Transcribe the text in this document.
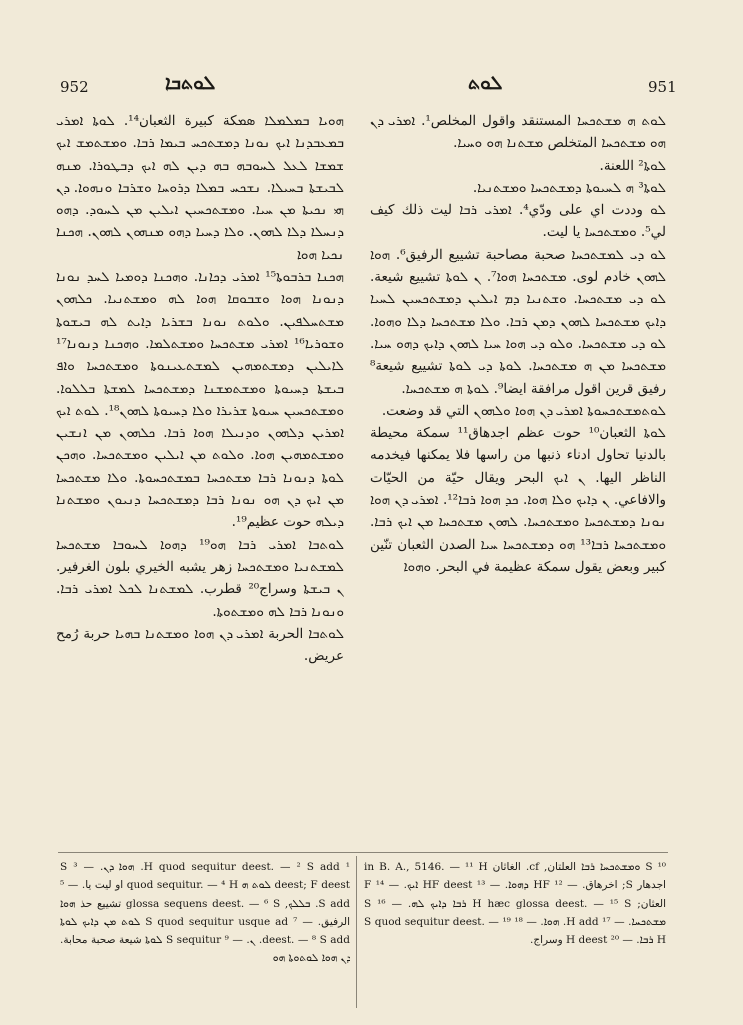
952	ܠܘܬܒܐ	ܠܘܬ	951

ܗܘܝܐ ܒܡܠܡܠܐ ܣܡكة كبيرة الثعبان¹⁴. ܠܘܬܐ ܐܡܪܝ ܒܡܥܒܕܢܐ ܐܝܟ ܢܘܢܐ ܕܡܫܬܟܚ ܒܝܡܐ ܪܒܐ. ܘܡܫܬܡܫ ܐܝܟ ܫܡܫܐ ܠܥܠ ܠܚܘܒܗ ܒܗ ܕܝܢ ܠܗ ܐܝܟ ܕܒܛܘܪܐ. ܡܢܗ ܠܒܝܫܬܐ ܒܚܝܠܐ. ܢܫܟܚ ܒܡܠܐ ܕܪܘܚܐ ܘܫܪܒܐ ܘܢܗܘܐ. ܕܢ ܗܝ ܢܟܝܬܐ ܡܢ ܚܝܐ. ܘܡܫܬܟܚܝܢ ܐܝܠܝܢ ܡܢ ܠܚܘܕ. ܕܗܘ ܕܢܚܠܐ ܕܠܐ ܠܗܘܢ. ܘܠܐ ܕܚܝܐ ܕܗܘ ܡܢܗܘܢ ܠܗܘܢ. ܗܟܢܐ ܢܟܝܐ ܗܘܐ

ܗܟܢܐ ܒܪܒܘܬܐ¹⁵ ܐܡܪܝ ܕܟܐܢܐ. ܘܗܟܢܐ ܕܘܡܝܐ ܠܚܕ ܢܘܢܐ ܕܢܘܢܐ ܗܘܐ ܘܫܒܘܩܐ ܗܘܐ ܠܗ ܘܡܫܬܢܝܐ. ܟܠܗܘܢ ܡܫܬܚܠܦܝܢ. ܘܠܘܬ ܢܘܢܐ ܒܫܪܝܐ ܕܐܝܬ ܠܗ ܒܝܫܘܬܐ ܘܫܘܪܝܐ¹⁶ ܐܡܪܝ ܡܫܬܟܚܐ ܘܡܫܬܠܡܐ. ܘܗܟܢܐ ܕܢܘܢܐ¹⁷ ܠܐܝܠܝܢ ܕܡܫܬܡܗܝܢ ܠܡܫܬܥܝܢܘܬܐ ܘܡܫܬܟܚܐ ܘܐܦ ܒܝܫܬܐ ܕܚܝܘܬܐ ܘܡܫܬܡܫܢܐ ܕܡܫܬܟܚܐ ܠܡܫܬܐ ܒܠܠܘܐ. ܘܡܫܬܟܚܝܢ ܚܝܘܬܐ ܫܪܝܪܐ ܘܠܐ ܕܚܝܘܬܐ ܠܗܘܢ¹⁸. ܠܘܬ ܐܝܟ ܐܡܪܝܢ ܕܠܗܘܢ ܘܕܢܝܠܐ ܗܘܐ ܪܒܐ. ܟܠܗܘܢ ܡܢ ܐܢܫܝܢ ܘܡܫܬܡܗܝܢ ܗܘܐ. ܘܠܘܬ ܡܢ ܐܝܠܝܢ ܘܡܫܬܟܚܐ. ܘܗܟܢ ܠܘܬܐ ܕܢܘܢܐ ܪܒܐ ܡܫܬܟܚܐ ܒܡܫܬܟܚܘܬܐ. ܘܠܐ ܡܫܬܟܚܐ ܡܢ ܐܝܟ ܕܢ ܗܘ ܢܘܢܐ ܪܒܐ ܕܡܫܬܟܚܐ ܕܢܝܘܢ ܘܡܫܬܢܐ ܕܝܠܗ حوت عظيم¹⁹.

ܠܘܬܒܐ ܐܡܪܝ ܪܒܐ ܗܘ¹⁹ ܕܗܘܐ ܠܚܘܒܐ ܡܫܬܟܚܐ ܠܡܫܬܢܝܐ ܘܡܫܬܟܚܐ زهر يشبه الخيري بلون الغرفير. ܢ ܒܝܫܬܐ وسراج²⁰ قطرب. ܠܡܫܬܢܐ ܠܟܠ ܐܡܪܝ ܪܒܐ. ܘܢܘܢܐ ܪܒܐ ܠܗ ܘܡܫܬܘܬܐ.

ܠܘܬܒܐ الحربة ܐܡܪܝ ܕܢ ܗܘܐ ܘܡܫܬܢܐ ܒܗܝܐ حربة رُمح عريض.

ܠܘܬ ܗ ܡܫܬܟܚܐ المستنقد واقول المخلص¹. ܐܡܪܝ ܕܢ ܗܘ ܡܫܬܟܚܐ المتخلص ܡܫܬܢܐ ܗܘ ܘܚܝܐ.

ܠܘܬܐ² اللعنة.

ܠܘܬܐ³ ܗ ܠܚܝܘܬܐ ܕܡܫܬܟܚܐ ܘܡܫܬܢܝܐ.

ܠܘ وددت اي على ودّي⁴. ܐܡܪܝ ܪܒܐ ليت ذلك كيف لي⁵. ܘܡܫܬܟܚܐ يا ليت.

ܠܘ ܕܝ ܠܡܫܬܟܚܐ صحبة مصاحبة تشييع الرفيق⁶. ܗܘܐ ܠܗܘܢ خادم لوى. ܡܫܬܟܚܐ ܗܘܐ⁷. ܢ ܠܘܬܐ تشييع شيعة. ܠܘ ܕܝ ܡܫܬܟܚܐ. ܘܫܬܢܝܐ ܕܡ ܐܝܠܝܢ ܕܡܫܬܟܚܝܢ ܠܚܝܐ ܕܐܝܟ ܡܫܬܟܚܐ ܠܗܘܢ ܕܡܢ ܪܒܐ. ܘܠܐ ܡܫܬܟܚܐ ܕܠܐ ܘܗܘܐ. ܠܘ ܕܝ ܡܫܬܟܚܐ. ܘܠܘ ܕܝ ܗܘܐ ܚܝܐ ܠܗܘܢ ܕܐܝܟ ܕܗܘ ܚܝܐ. ܡܫܬܟܚܐ ܡܢ ܗ ܡܫܬܟܚܐ. ܠܘܬܐ ܕܝ ܠܘܬܐ تشييع شيعة⁸ رفيق قرين اقول مرافقة ايضا⁹. ܠܘܬܐ ܗ ܡܫܬܟܚܐ.

ܠܘܬܡܫܬܟܚܘܬܐ ܐܡܪܝ ܕܢ ܗܘܐ ܘܠܗܘܢ التي قد وضعت.

ܠܘܬܐ الثعبان¹⁰ حوت عظم اجدهاق¹¹ سمكة محيطة بالدنيا تحاول ادناء ذنبها من راسها فلا يمكنها فيخدمه الناظر اليها. ܢ ܐܝܟ البحر ويقال حيّة من الحيّات والافاعي. ܢ ܕܐܝܟ ܘܠܐ ܗܘܐ. ܟܕ ܗܘܐ ܪܒܐ¹². ܐܡܪܝ ܕܢ ܗܘܐ ܢܘܢܐ ܕܡܫܬܟܚܐ ܘܡܫܬܟܚܐ. ܠܗܘܢ ܡܫܬܟܚܐ ܡܢ ܐܝܟ ܪܒܐ. ܘܡܫܬܟܚܐ ܪܒܐ¹³ ܗܘ ܕܡܫܬܟܚܐ ܚܝܐ الصدن الثعبان تنّين كبير وبعض يقول سمكة عظيمة في البحر. ܘܗܘܐ

¹ H quod sequitur deest. — ² S add. ܗܘܐ ܕܢ. — ³ S deest; F deest ܠܘܬ ܗ quod sequitur. — ⁴ H او ليت يا. — ⁵ S add. ܒܠܠܟ, glossa sequens deest. — ⁶ S تشييع حذ ܗܘܐ الرفيق. — ⁷ S quod sequitur usque ad ܠܘܬ ܡܢ ܕܐܝܟ ܠܘܬܐ deest. — ⁸ S add. ܢ. — ⁹ S sequitur ܠܘܬܐ شيعة صحبة محابة. ܕܢ ܗܘܐ ܠܘܬܘܬܐ ܗܘ

¹⁰ S ܘܡܫܬܟܚܐ ܪܒܐ العلتان, cf. الغاثان in B. A., 5146. — ¹¹ H اجدهار S; اخرهاق. — ¹² HF ܕܗܘܐ. — ¹³ HF deest ܐܝܟ. — ¹⁴ F العثان; H hæc glossa deest. — ¹⁵ S ܪܒܐ ܕܐܝܟ ܠܗ. — ¹⁶ S ܡܫܬܟܚܐ. — ¹⁷ H add. ܗܘܐ. — ¹⁸ S quod sequitur deest. — ¹⁹ H ܪܒܐ. — ²⁰ H deest وسراج.
